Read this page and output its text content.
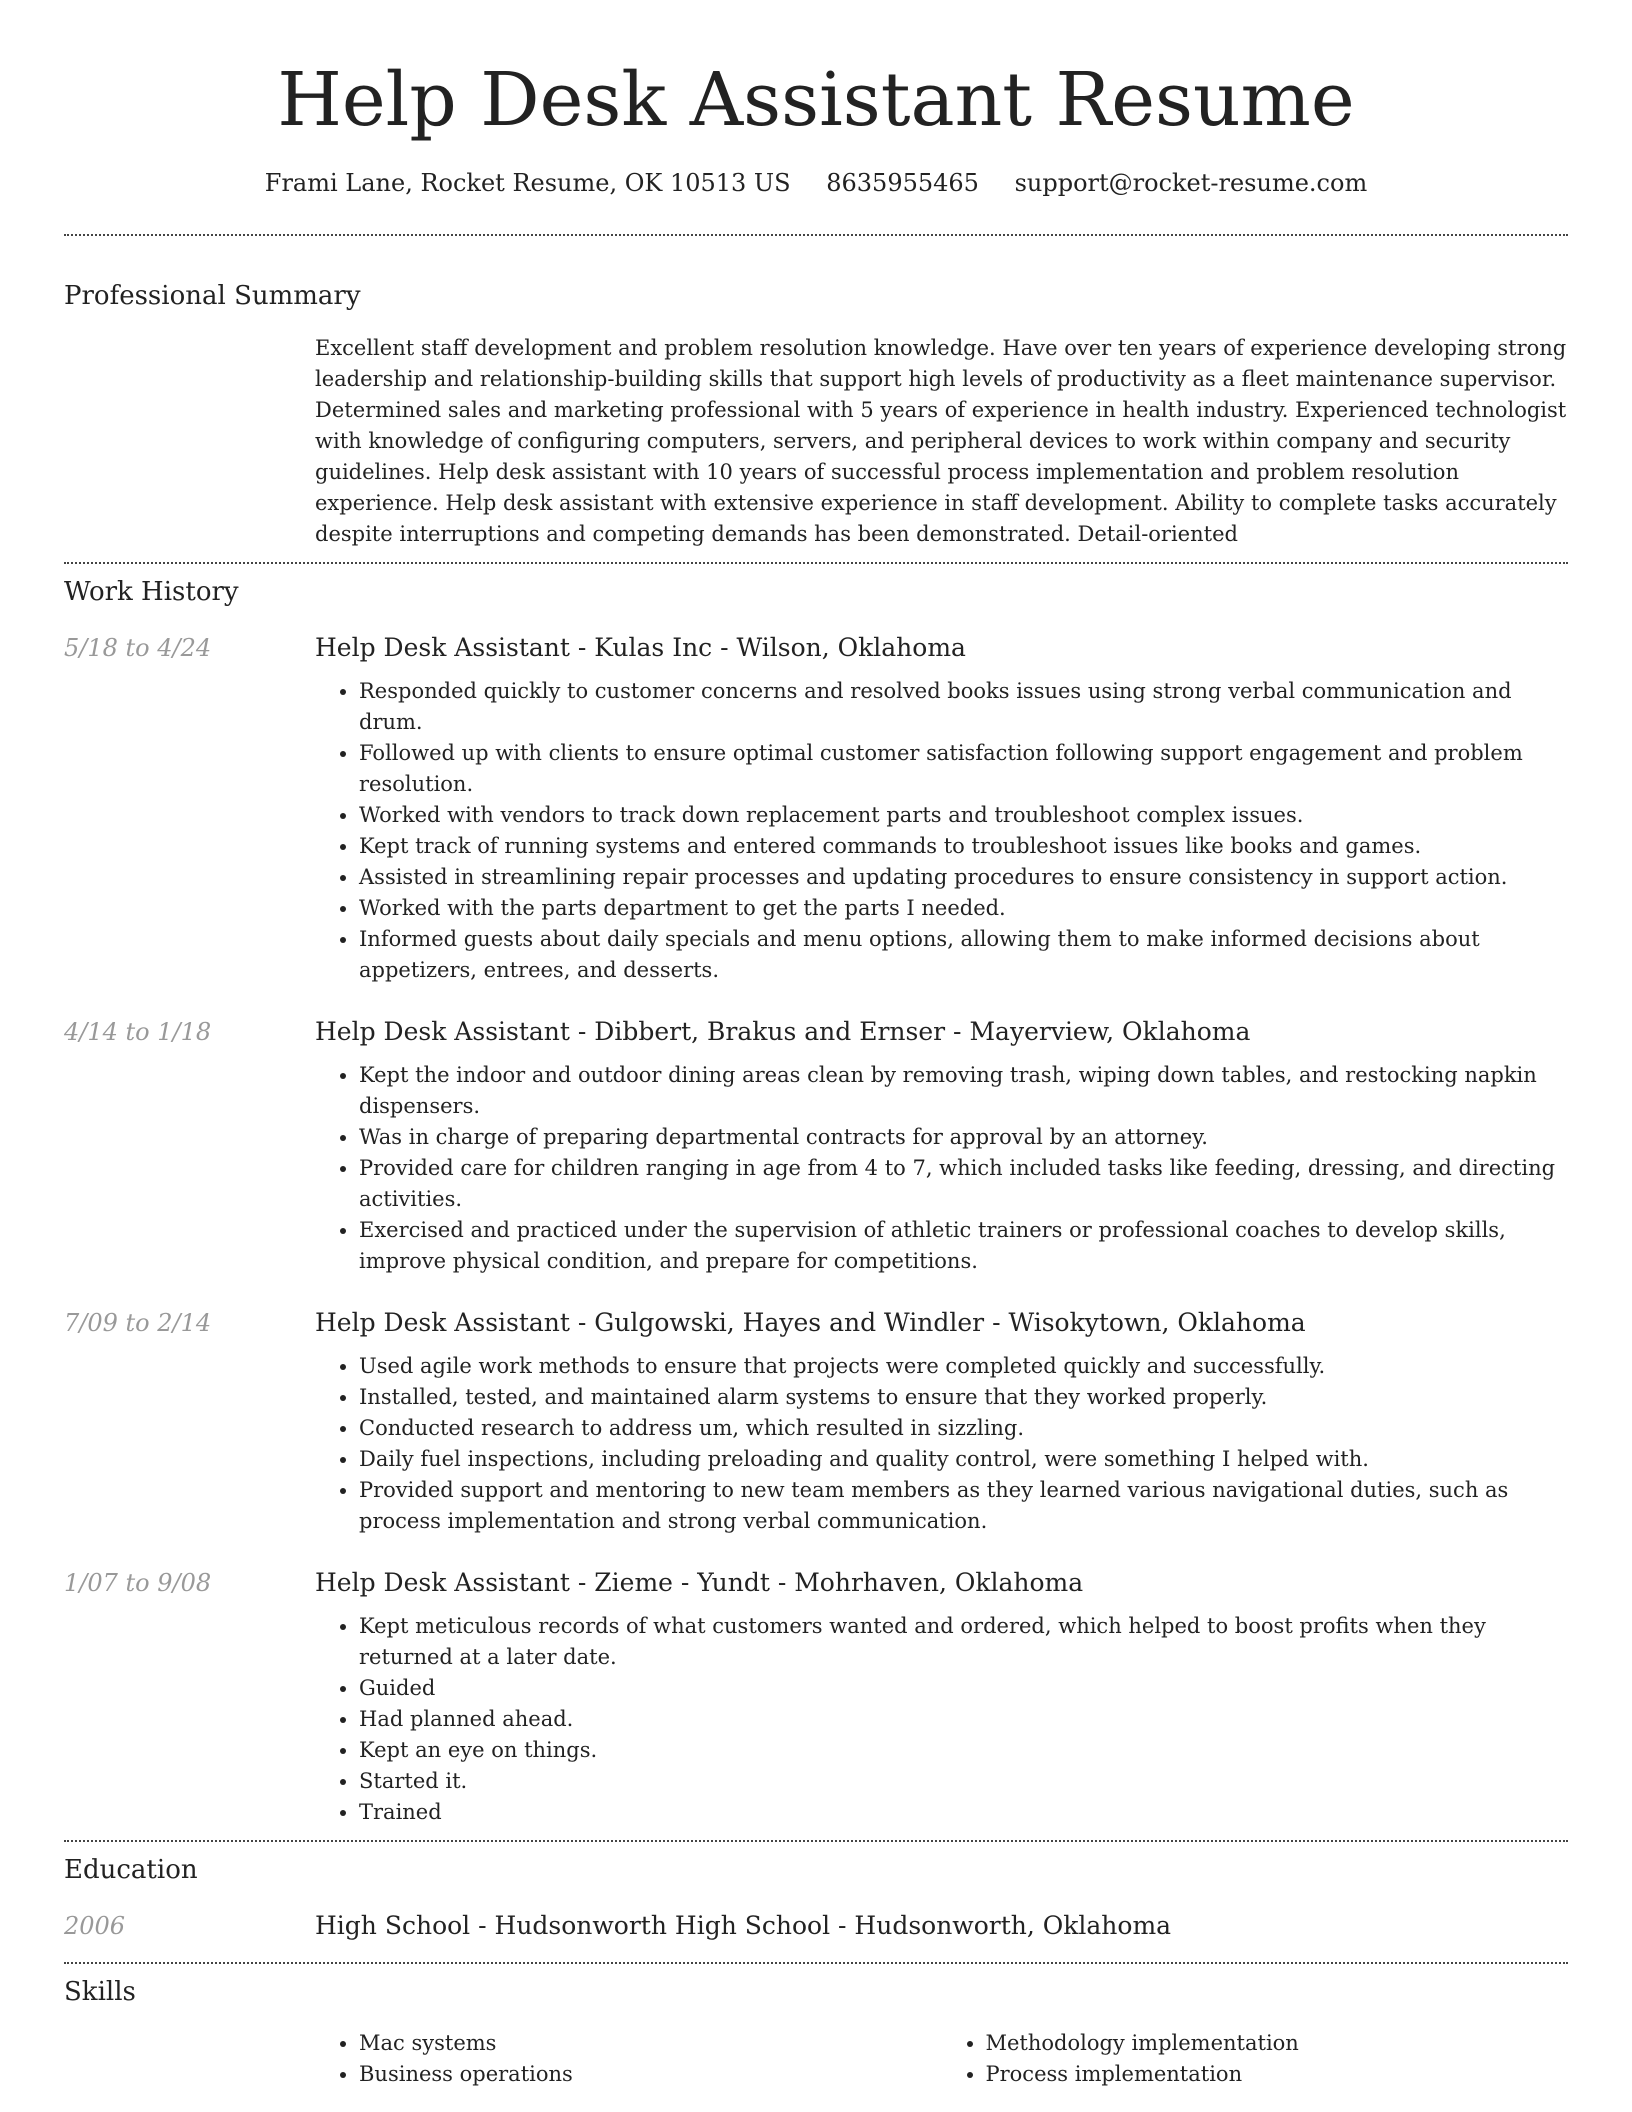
Help Desk Assistant Resume
Frami Lane, Rocket Resume, OK 10513 US 8635955465 support@rocket-resume.com
Professional Summary
Excellent staff development and problem resolution knowledge. Have over ten years of experience developing strong leadership and relationship-building skills that support high levels of productivity as a fleet maintenance supervisor. Determined sales and marketing professional with 5 years of experience in health industry. Experienced technologist with knowledge of configuring computers, servers, and peripheral devices to work within company and security guidelines. Help desk assistant with 10 years of successful process implementation and problem resolution experience. Help desk assistant with extensive experience in staff development. Ability to complete tasks accurately despite interruptions and competing demands has been demonstrated. Detail-oriented
Work History
5/18 to 4/24	Help Desk Assistant - Kulas Inc - Wilson, Oklahoma
• Responded quickly to customer concerns and resolved books issues using strong verbal communication and drum.
• Followed up with clients to ensure optimal customer satisfaction following support engagement and problem resolution.
• Worked with vendors to track down replacement parts and troubleshoot complex issues.
• Kept track of running systems and entered commands to troubleshoot issues like books and games.
• Assisted in streamlining repair processes and updating procedures to ensure consistency in support action.
• Worked with the parts department to get the parts I needed.
• Informed guests about daily specials and menu options, allowing them to make informed decisions about appetizers, entrees, and desserts.
4/14 to 1/18	Help Desk Assistant - Dibbert, Brakus and Ernser - Mayerview, Oklahoma
• Kept the indoor and outdoor dining areas clean by removing trash, wiping down tables, and restocking napkin dispensers.
• Was in charge of preparing departmental contracts for approval by an attorney.
• Provided care for children ranging in age from 4 to 7, which included tasks like feeding, dressing, and directing activities.
• Exercised and practiced under the supervision of athletic trainers or professional coaches to develop skills, improve physical condition, and prepare for competitions.
7/09 to 2/14	Help Desk Assistant - Gulgowski, Hayes and Windler - Wisokytown, Oklahoma
• Used agile work methods to ensure that projects were completed quickly and successfully.
• Installed, tested, and maintained alarm systems to ensure that they worked properly.
• Conducted research to address um, which resulted in sizzling.
• Daily fuel inspections, including preloading and quality control, were something I helped with.
• Provided support and mentoring to new team members as they learned various navigational duties, such as process implementation and strong verbal communication.
1/07 to 9/08	Help Desk Assistant - Zieme - Yundt - Mohrhaven, Oklahoma
• Kept meticulous records of what customers wanted and ordered, which helped to boost profits when they returned at a later date.
• Guided
• Had planned ahead.
• Kept an eye on things.
• Started it.
• Trained
Education
2006	High School - Hudsonworth High School - Hudsonworth, Oklahoma
Skills
• Mac systems
• Business operations
• Methodology implementation
• Process implementation
